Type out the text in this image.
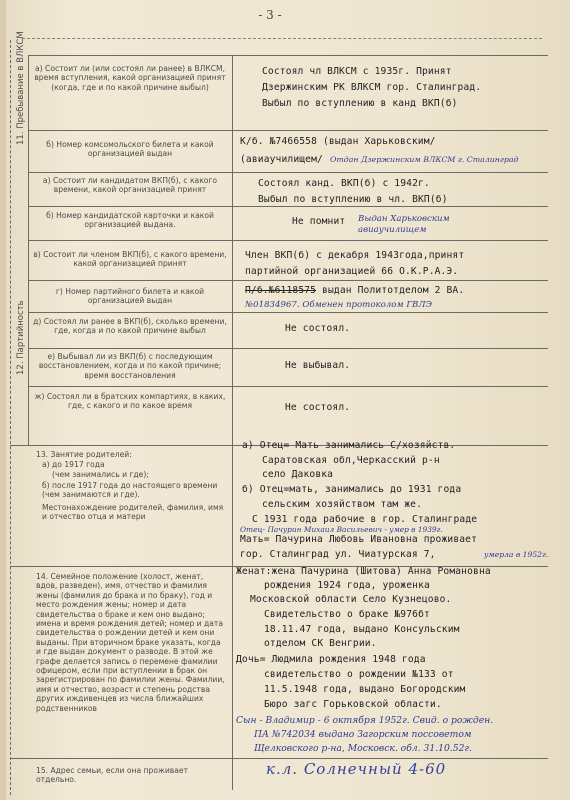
- 3 -
11. Пребывание в ВЛКСМ
12. Партийность
а) Состоит ли (или состоял ли ранее) в ВЛКСМ, время вступления, какой организацией принят (когда, где и по какой причине выбыл)
Состоял чл ВЛКСМ с 1935г. Принят
Дзержинским РК ВЛКСМ гор. Сталинград.
Выбыл по вступлению в канд ВКП(б)
б) Номер комсомольского билета и какой организацией выдан
К/б. №7466558 (выдан Харьковским/
(авиаучилищем/ Отдан Дзержинским ВЛКСМ г. Сталинград
а) Состоит ли кандидатом ВКП(б), с какого времени, какой организацией принят
Состоял канд. ВКП(б) с 1942г.
Выбыл по вступлению в чл. ВКП(б)
б) Номер кандидатской карточки и какой организацией выдана.	Не помнит Выдан Харьковским авиаучилищем
в) Состоит ли членом ВКП(б), с какого времени, какой организацией принят
Член ВКП(б) с декабря 1943года,принят
партийной организацией 66 О.К.Р.А.Э.
г) Номер партийного билета и какой организацией выдан
П/б.№6118575 выдан Политотделом 2 ВА.
№01834967. Обменен протоколом ГВЛЭ
д) Состоял ли ранее в ВКП(б), сколько времени, где, когда и по какой причине выбыл	Не состоял.
е) Выбывал ли из ВКП(б) с последующим восстановлением, когда и по какой причине; время восстановления
Не выбывал.
ж) Состоял ли в братских компартиях, в каких, где, с какого и по какое время	Не состоял.
13. Занятие родителей:
а) до 1917 года
(чем занимались и где);
б) после 1917 года до настоящего времени (чем занимаются и где).
Местонахождение родителей, фамилия, имя и отчество отца и матери
а) Отец= Мать занимались С/хозяйств.
Саратовская обл,Черкасский р-н
село Даковка
б) Отец=мать, занимались до 1931 года
сельским хозяйством там же.
С 1931 года рабочие в гор. Сталинграде
Отец- Пачурин Михаил Васильевич - умер в 1939г.
Мать= Пачурина Любовь Ивановна проживает
гор. Сталинград ул. Чиатурская 7,	умерла в 1952г.
14. Семейное положение (холост, женат, вдов, разведен), имя, отчество и фамилия жены (фамилия до брака и по браку), год и место рождения жены; номер и дата свидетельства о браке и кем оно выдано; имена и время рождения детей; номер и дата свидетельства о рождении детей и кем они выданы. При вторичном браке указать, когда и где выдан документ о разводе. В этой же графе делается запись о перемене фамилии офицером, если при вступлении в брак он зарегистрирован по фамилии жены. Фамилии, имя и отчество, возраст и степень родства других иждивенцев из числа ближайших родственников
Женат:жена Пачурина (Шитова) Анна Романовна
рождения 1924 года, уроженка
Московской области Село Кузнецово.
Свидетельство о браке №976бт
18.11.47 года, выдано Консульским
отделом СК Венгрии.
Дочь= Людмила рождения 1948 года
свидетельство о рождении №133 от
11.5.1948 года, выдано Богородским
Бюро загс Горьковской области.
Сын - Владимир - 6 октября 1952г. Свид. о рожден.
ПА №742034 выдано Загорским поссоветом
Щелковского р-на, Московск. обл. 31.10.52г.
15. Адрес семьи, если она проживает отдельно.
к.л. Солнечный 4-60
